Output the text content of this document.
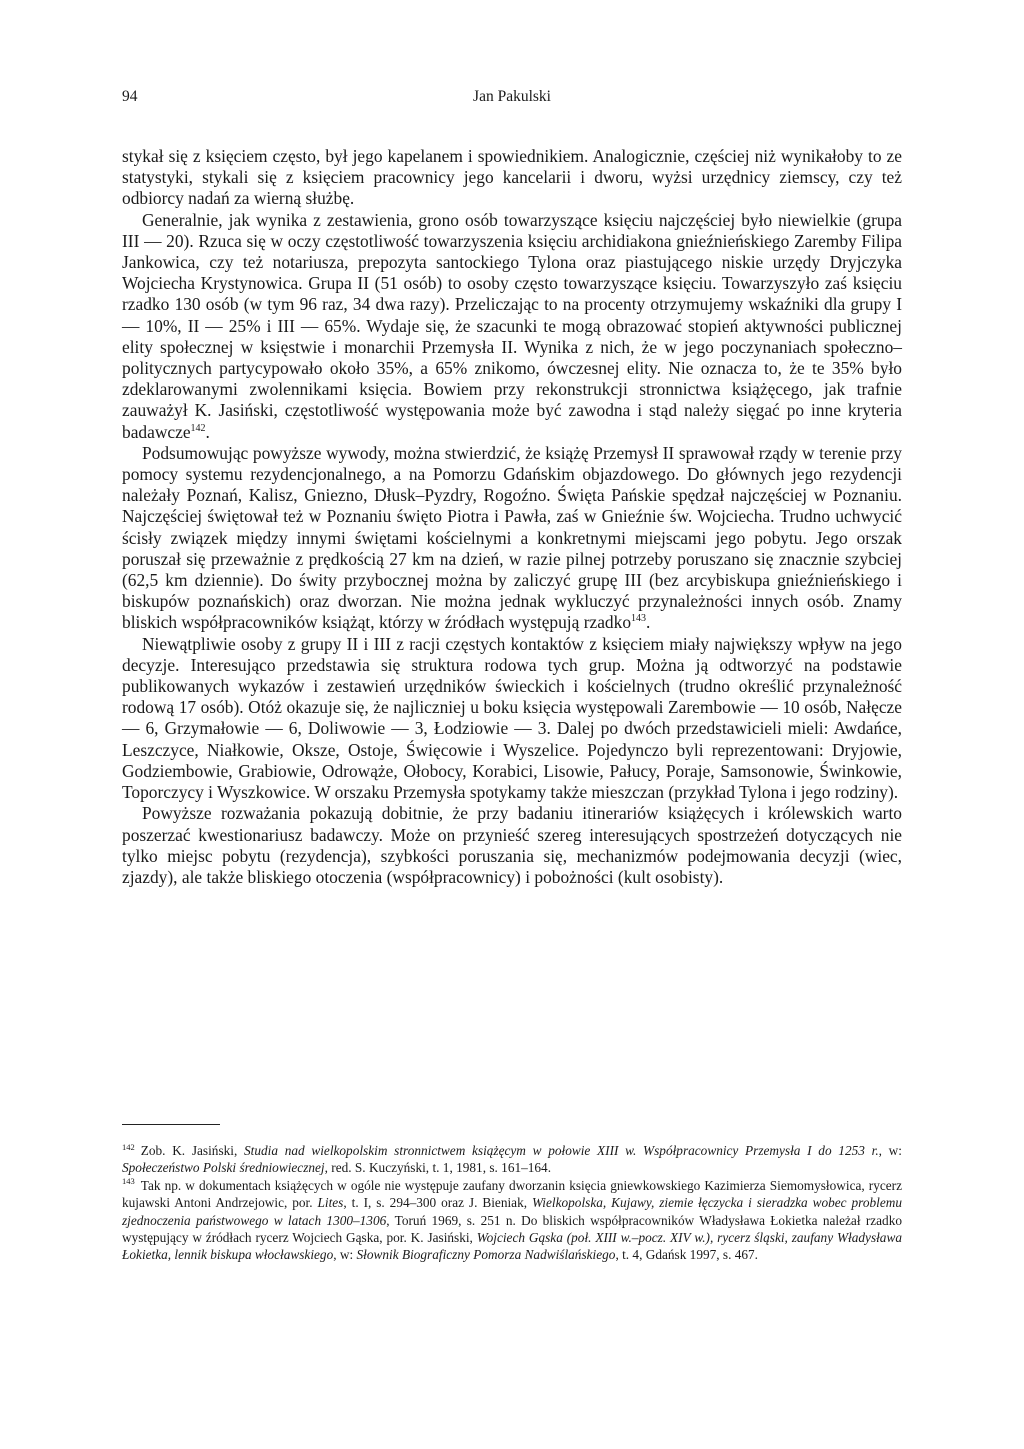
94	Jan Pakulski

stykał się z księciem często, był jego kapelanem i spowiednikiem. Analogicznie, częściej niż wynikałoby to ze statystyki, stykali się z księciem pracownicy jego kancelarii i dworu, wyżsi urzędnicy ziemscy, czy też odbiorcy nadań za wierną służbę.

Generalnie, jak wynika z zestawienia, grono osób towarzyszące księciu najczęściej było niewielkie (grupa III — 20). Rzuca się w oczy częstotliwość towarzyszenia księciu archidiakona gnieźnieńskiego Zaremby Filipa Jankowica, czy też notariusza, prepozyta santockiego Tylona oraz piastującego niskie urzędy Dryjczyka Wojciecha Krystynowica. Grupa II (51 osób) to osoby często towarzyszące księciu. Towarzyszyło zaś księciu rzadko 130 osób (w tym 96 raz, 34 dwa razy). Przeliczając to na procenty otrzymujemy wskaźniki dla grupy I — 10%, II — 25% i III — 65%. Wydaje się, że szacunki te mogą obrazować stopień aktywności publicznej elity społecznej w księstwie i monarchii Przemysła II. Wynika z nich, że w jego poczynaniach społeczno–politycznych partycypowało około 35%, a 65% znikomo, ówczesnej elity. Nie oznacza to, że te 35% było zdeklarowanymi zwolennikami księcia. Bowiem przy rekonstrukcji stronnictwa książęcego, jak trafnie zauważył K. Jasiński, częstotliwość występowania może być zawodna i stąd należy sięgać po inne kryteria badawcze$^{142}$.

Podsumowując powyższe wywody, można stwierdzić, że książę Przemysł II sprawował rządy w terenie przy pomocy systemu rezydencjonalnego, a na Pomorzu Gdańskim objazdowego. Do głównych jego rezydencji należały Poznań, Kalisz, Gniezno, Dłusk–Pyzdry, Rogoźno. Święta Pańskie spędzał najczęściej w Poznaniu. Najczęściej świętował też w Poznaniu święto Piotra i Pawła, zaś w Gnieźnie św. Wojciecha. Trudno uchwycić ścisły związek między innymi świętami kościelnymi a konkretnymi miejscami jego pobytu. Jego orszak poruszał się przeważnie z prędkością 27 km na dzień, w razie pilnej potrzeby poruszano się znacznie szybciej (62,5 km dziennie). Do świty przybocznej można by zaliczyć grupę III (bez arcybiskupa gnieźnieńskiego i biskupów poznańskich) oraz dworzan. Nie można jednak wykluczyć przynależności innych osób. Znamy bliskich współpracowników książąt, którzy w źródłach występują rzadko$^{143}$.

Niewątpliwie osoby z grupy II i III z racji częstych kontaktów z księciem miały największy wpływ na jego decyzje. Interesująco przedstawia się struktura rodowa tych grup. Można ją odtworzyć na podstawie publikowanych wykazów i zestawień urzędników świeckich i kościelnych (trudno określić przynależność rodową 17 osób). Otóż okazuje się, że najliczniej u boku księcia występowali Zarembowie — 10 osób, Nałęcze — 6, Grzymałowie — 6, Doliwowie — 3, Łodziowie — 3. Dalej po dwóch przedstawicieli mieli: Awdańce, Leszczyce, Niałkowie, Oksze, Ostoje, Święcowie i Wyszelice. Pojedynczo byli reprezentowani: Dryjowie, Godziembowie, Grabiowie, Odrowąże, Ołobocy, Korabici, Lisowie, Pałucy, Poraje, Samsonowie, Świnkowie, Toporczycy i Wyszkowice. W orszaku Przemysła spotykamy także mieszczan (przykład Tylona i jego rodziny).

Powyższe rozważania pokazują dobitnie, że przy badaniu itinerariów książęcych i królewskich warto poszerzać kwestionariusz badawczy. Może on przynieść szereg interesujących spostrzeżeń dotyczących nie tylko miejsc pobytu (rezydencja), szybkości poruszania się, mechanizmów podejmowania decyzji (wiec, zjazdy), ale także bliskiego otoczenia (współpracownicy) i pobożności (kult osobisty).

$^{142}$ Zob. K. Jasiński, Studia nad wielkopolskim stronnictwem książęcym w połowie XIII w. Współpracownicy Przemysła I do 1253 r., w: Społeczeństwo Polski średniowiecznej, red. S. Kuczyński, t. 1, 1981, s. 161–164.

$^{143}$ Tak np. w dokumentach książęcych w ogóle nie występuje zaufany dworzanin księcia gniewkowskiego Kazimierza Siemomysłowica, rycerz kujawski Antoni Andrzejowic, por. Lites, t. I, s. 294–300 oraz J. Bieniak, Wielkopolska, Kujawy, ziemie łęczycka i sieradzka wobec problemu zjednoczenia państwowego w latach 1300–1306, Toruń 1969, s. 251 n. Do bliskich współpracowników Władysława Łokietka należał rzadko występujący w źródłach rycerz Wojciech Gąska, por. K. Jasiński, Wojciech Gąska (poł. XIII w.–pocz. XIV w.), rycerz śląski, zaufany Władysława Łokietka, lennik biskupa włocławskiego, w: Słownik Biograficzny Pomorza Nadwiślańskiego, t. 4, Gdańsk 1997, s. 467.
